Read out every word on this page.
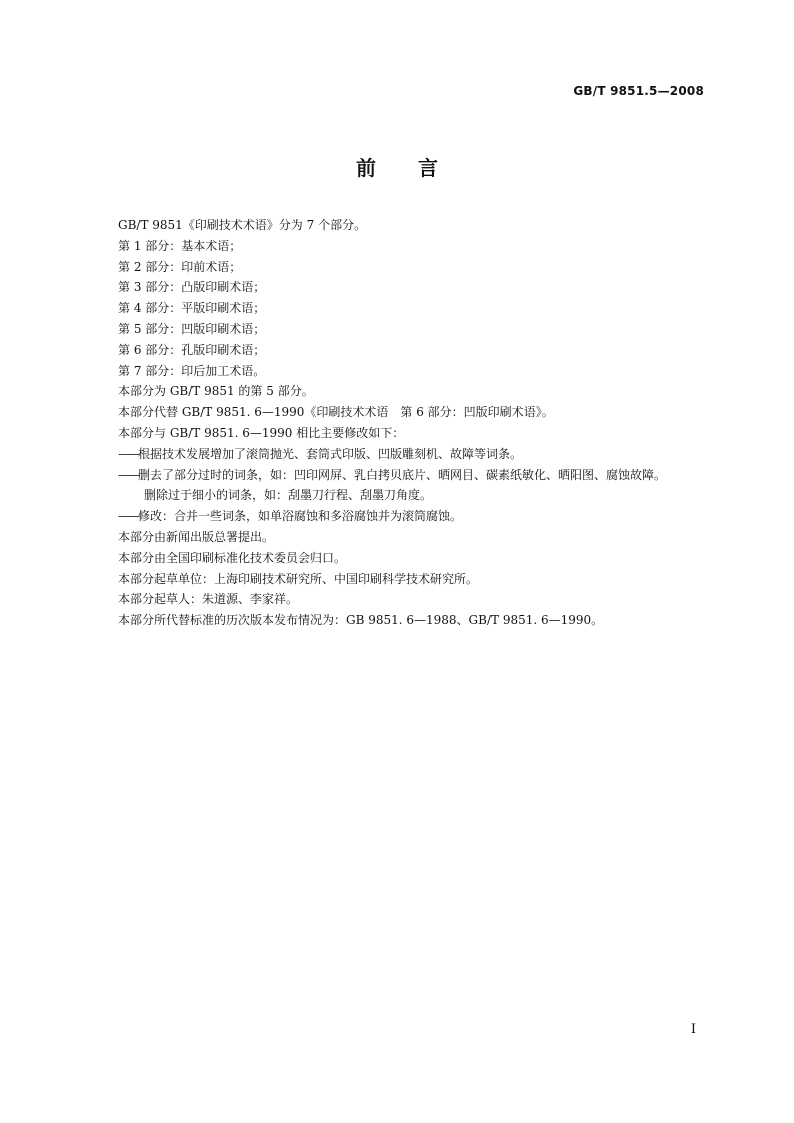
GB/T 9851.5—2008
前言
GB/T 9851《印刷技术术语》分为 7 个部分。
第 1 部分：基本术语；
第 2 部分：印前术语；
第 3 部分：凸版印刷术语；
第 4 部分：平版印刷术语；
第 5 部分：凹版印刷术语；
第 6 部分：孔版印刷术语；
第 7 部分：印后加工术语。
本部分为 GB/T 9851 的第 5 部分。
本部分代替 GB/T 9851. 6—1990《印刷技术术语　第 6 部分：凹版印刷术语》。
本部分与 GB/T 9851. 6—1990 相比主要修改如下：
——根据技术发展增加了滚筒抛光、套筒式印版、凹版雕刻机、故障等词条。
——删去了部分过时的词条，如：凹印网屏、乳白拷贝底片、晒网目、碳素纸敏化、晒阳图、腐蚀故障。
删除过于细小的词条，如：刮墨刀行程、刮墨刀角度。
——修改：合并一些词条，如单浴腐蚀和多浴腐蚀并为滚筒腐蚀。
本部分由新闻出版总署提出。
本部分由全国印刷标准化技术委员会归口。
本部分起草单位：上海印刷技术研究所、中国印刷科学技术研究所。
本部分起草人：朱道源、李家祥。
本部分所代替标准的历次版本发布情况为：GB 9851. 6—1988、GB/T 9851. 6—1990。
I
